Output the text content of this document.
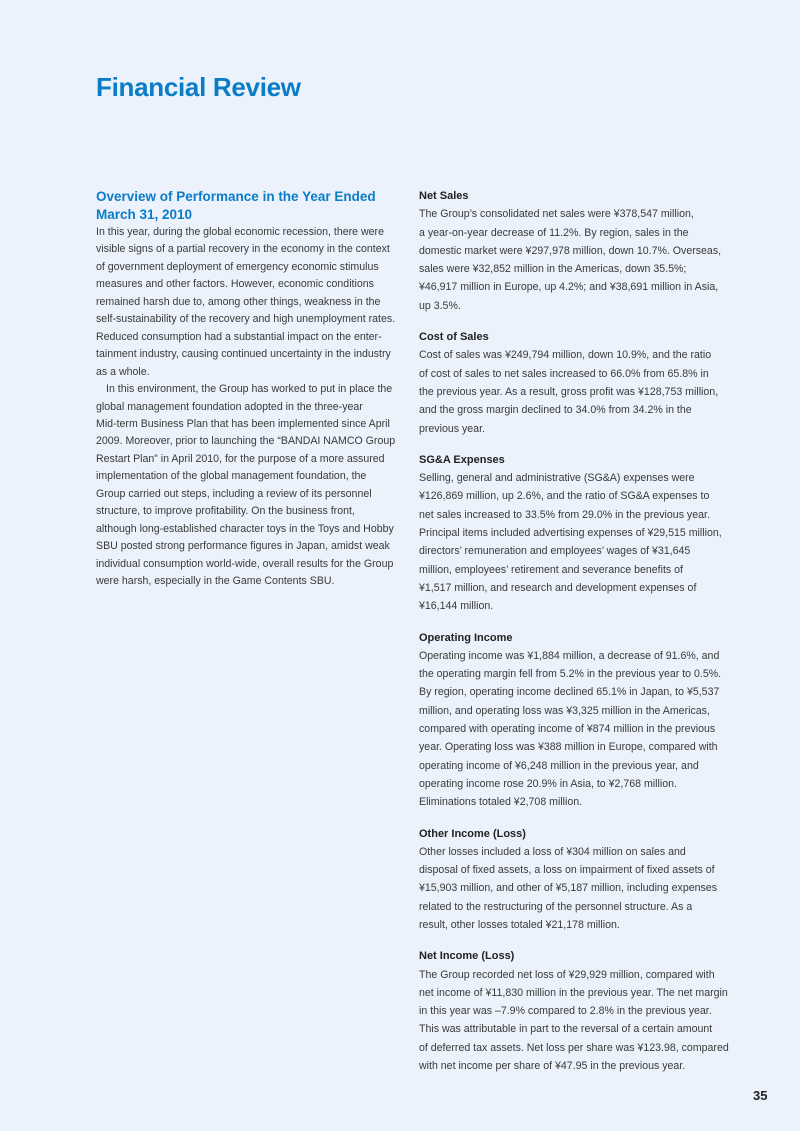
Financial Review
Overview of Performance in the Year Ended
March 31, 2010
In this year, during the global economic recession, there were
visible signs of a partial recovery in the economy in the context
of government deployment of emergency economic stimulus
measures and other factors. However, economic conditions
remained harsh due to, among other things, weakness in the
self-sustainability of the recovery and high unemployment rates.
Reduced consumption had a substantial impact on the enter-
tainment industry, causing continued uncertainty in the industry
as a whole.
In this environment, the Group has worked to put in place the
global management foundation adopted in the three-year
Mid-term Business Plan that has been implemented since April
2009. Moreover, prior to launching the “BANDAI NAMCO Group
Restart Plan” in April 2010, for the purpose of a more assured
implementation of the global management foundation, the
Group carried out steps, including a review of its personnel
structure, to improve profitability. On the business front,
although long-established character toys in the Toys and Hobby
SBU posted strong performance figures in Japan, amidst weak
individual consumption world-wide, overall results for the Group
were harsh, especially in the Game Contents SBU.
Net Sales
The Group’s consolidated net sales were ¥378,547 million,
a year-on-year decrease of 11.2%. By region, sales in the
domestic market were ¥297,978 million, down 10.7%. Overseas,
sales were ¥32,852 million in the Americas, down 35.5%;
¥46,917 million in Europe, up 4.2%; and ¥38,691 million in Asia,
up 3.5%.
Cost of Sales
Cost of sales was ¥249,794 million, down 10.9%, and the ratio
of cost of sales to net sales increased to 66.0% from 65.8% in
the previous year. As a result, gross profit was ¥128,753 million,
and the gross margin declined to 34.0% from 34.2% in the
previous year.
SG&A Expenses
Selling, general and administrative (SG&A) expenses were
¥126,869 million, up 2.6%, and the ratio of SG&A expenses to
net sales increased to 33.5% from 29.0% in the previous year.
Principal items included advertising expenses of ¥29,515 million,
directors’ remuneration and employees’ wages of ¥31,645
million, employees’ retirement and severance benefits of
¥1,517 million, and research and development expenses of
¥16,144 million.
Operating Income
Operating income was ¥1,884 million, a decrease of 91.6%, and
the operating margin fell from 5.2% in the previous year to 0.5%.
By region, operating income declined 65.1% in Japan, to ¥5,537
million, and operating loss was ¥3,325 million in the Americas,
compared with operating income of ¥874 million in the previous
year. Operating loss was ¥388 million in Europe, compared with
operating income of ¥6,248 million in the previous year, and
operating income rose 20.9% in Asia, to ¥2,768 million.
Eliminations totaled ¥2,708 million.
Other Income (Loss)
Other losses included a loss of ¥304 million on sales and
disposal of fixed assets, a loss on impairment of fixed assets of
¥15,903 million, and other of ¥5,187 million, including expenses
related to the restructuring of the personnel structure. As a
result, other losses totaled ¥21,178 million.
Net Income (Loss)
The Group recorded net loss of ¥29,929 million, compared with
net income of ¥11,830 million in the previous year. The net margin
in this year was –7.9% compared to 2.8% in the previous year.
This was attributable in part to the reversal of a certain amount
of deferred tax assets. Net loss per share was ¥123.98, compared
with net income per share of ¥47.95 in the previous year.
35
